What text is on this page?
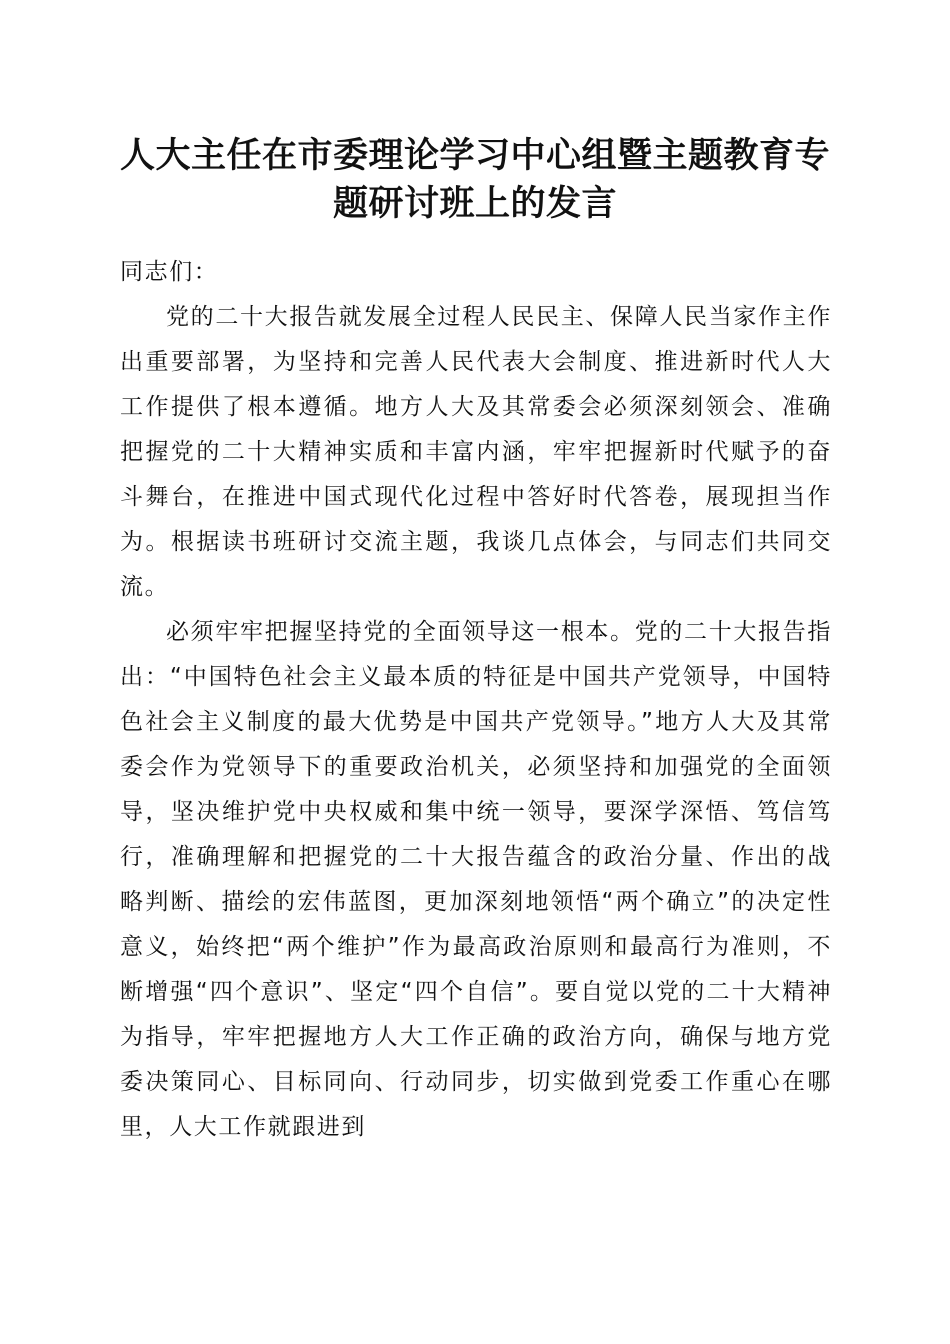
人大主任在市委理论学习中心组暨主题教育专
题研讨班上的发言

同志们：

党的二十大报告就发展全过程人民民主、保障人民当家作主作出重要部署，为坚持和完善人民代表大会制度、推进新时代人大工作提供了根本遵循。地方人大及其常委会必须深刻领会、准确把握党的二十大精神实质和丰富内涵，牢牢把握新时代赋予的奋斗舞台，在推进中国式现代化过程中答好时代答卷，展现担当作为。根据读书班研讨交流主题，我谈几点体会，与同志们共同交流。

必须牢牢把握坚持党的全面领导这一根本。党的二十大报告指出：“中国特色社会主义最本质的特征是中国共产党领导，中国特色社会主义制度的最大优势是中国共产党领导。”地方人大及其常委会作为党领导下的重要政治机关，必须坚持和加强党的全面领导，坚决维护党中央权威和集中统一领导，要深学深悟、笃信笃行，准确理解和把握党的二十大报告蕴含的政治分量、作出的战略判断、描绘的宏伟蓝图，更加深刻地领悟“两个确立”的决定性意义，始终把“两个维护”作为最高政治原则和最高行为准则，不断增强“四个意识”、坚定“四个自信”。要自觉以党的二十大精神为指导，牢牢把握地方人大工作正确的政治方向，确保与地方党委决策同心、目标同向、行动同步，切实做到党委工作重心在哪里，人大工作就跟进到
